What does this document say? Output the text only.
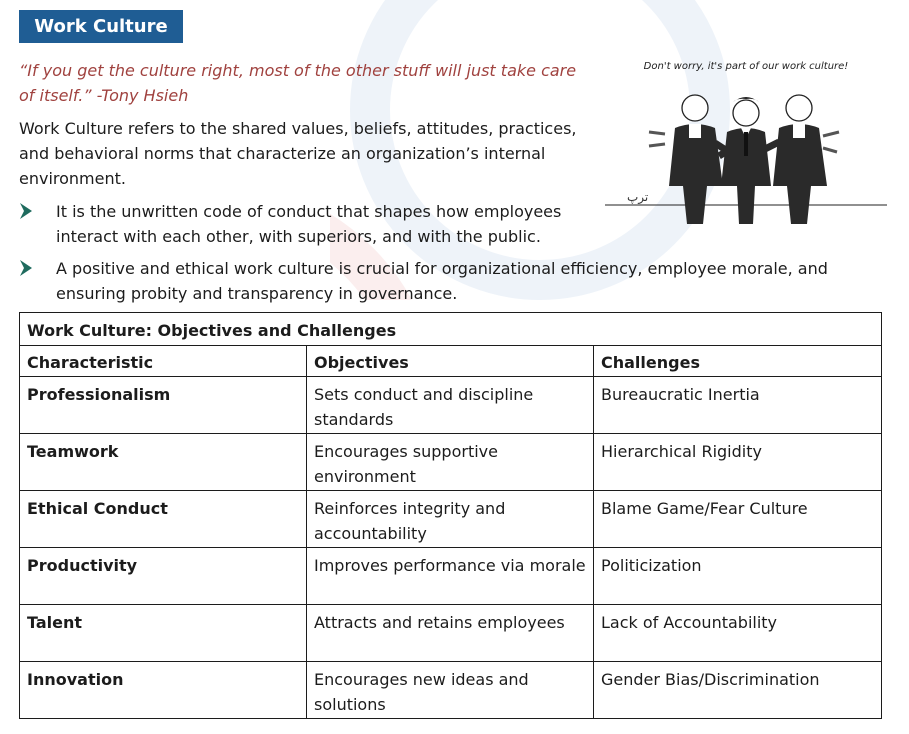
Work Culture
“If you get the culture right, most of the other stuff will just take care of itself.” -Tony Hsieh
Work Culture refers to the shared values, beliefs, attitudes, practices, and behavioral norms that characterize an organization’s internal environment.
It is the unwritten code of conduct that shapes how employees interact with each other, with superiors, and with the public.
A positive and ethical work culture is crucial for organizational efficiency, employee morale, and ensuring probity and transparency in governance.
Don't worry, it's part of our work culture!
ترپ
Work Culture: Objectives and Challenges		
Characteristic	Objectives	Challenges
Professionalism	Sets conduct and discipline standards	Bureaucratic Inertia
Teamwork	Encourages supportive environment	Hierarchical Rigidity
Ethical Conduct	Reinforces integrity and accountability	Blame Game/Fear Culture
Productivity	Improves performance via morale	Politicization
Talent	Attracts and retains employees	Lack of Accountability
Innovation	Encourages new ideas and solutions	Gender Bias/Discrimination
